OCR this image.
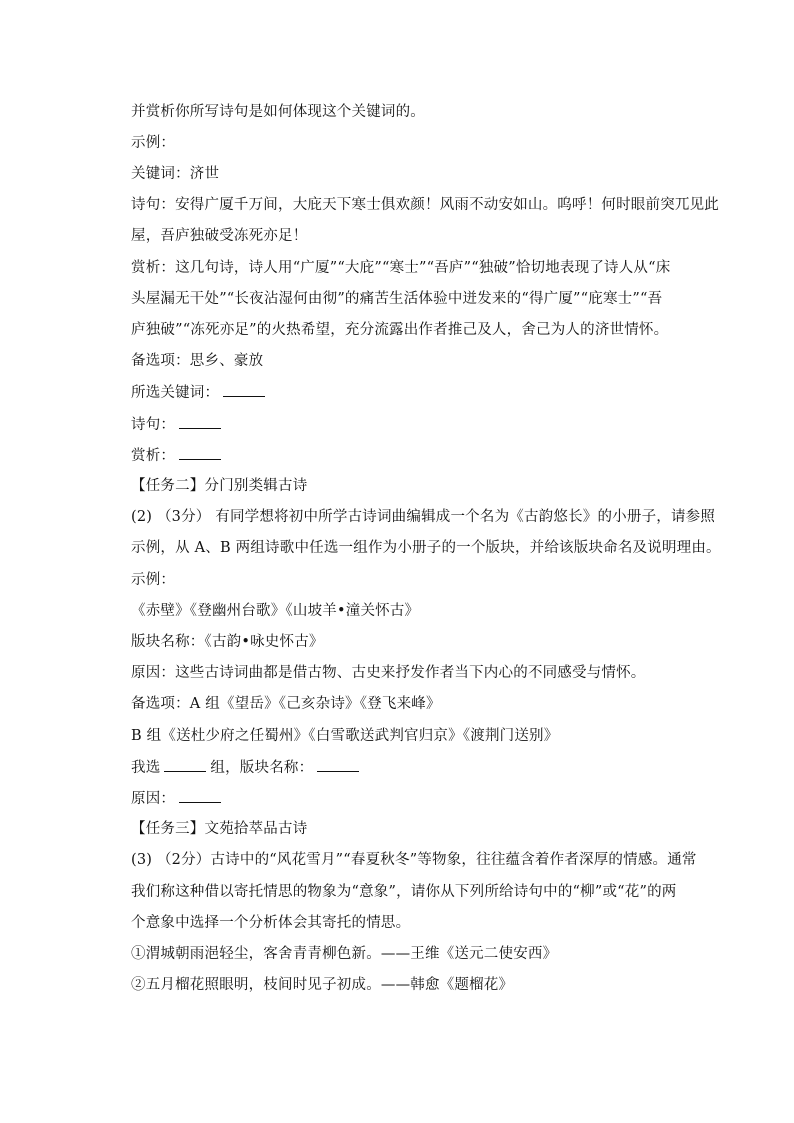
并赏析你所写诗句是如何体现这个关键词的。
示例：
关键词：济世
诗句：安得广厦千万间，大庇天下寒士俱欢颜！风雨不动安如山。呜呼！何时眼前突兀见此
屋，吾庐独破受冻死亦足！
赏析：这几句诗，诗人用“广厦”“大庇”“寒士”“吾庐”“独破”恰切地表现了诗人从“床
头屋漏无干处”“长夜沾湿何由彻”的痛苦生活体验中迸发来的“得广厦”“庇寒士”“吾
庐独破”“冻死亦足”的火热希望，充分流露出作者推己及人，舍己为人的济世情怀。
备选项：思乡、豪放
所选关键词：
诗句：
赏析：
【任务二】分门别类辑古诗
(2) （3分） 有同学想将初中所学古诗词曲编辑成一个名为《古韵悠长》的小册子，请参照
示例，从 A、B 两组诗歌中任选一组作为小册子的一个版块，并给该版块命名及说明理由。
示例：
《赤壁》《登幽州台歌》《山坡羊•潼关怀古》
版块名称：《古韵•咏史怀古》
原因：这些古诗词曲都是借古物、古史来抒发作者当下内心的不同感受与情怀。
备选项：A 组《望岳》《己亥杂诗》《登飞来峰》
B 组《送杜少府之任蜀州》《白雪歌送武判官归京》《渡荆门送别》
我选	组，版块名称：
原因：
【任务三】文苑拾萃品古诗
(3) （2分）古诗中的“风花雪月”“春夏秋冬”等物象，往往蕴含着作者深厚的情感。通常
我们称这种借以寄托情思的物象为“意象”，请你从下列所给诗句中的“柳”或“花”的两
个意象中选择一个分析体会其寄托的情思。
①渭城朝雨浥轻尘，客舍青青柳色新。——王维《送元二使安西》
②五月榴花照眼明，枝间时见子初成。——韩愈《题榴花》
